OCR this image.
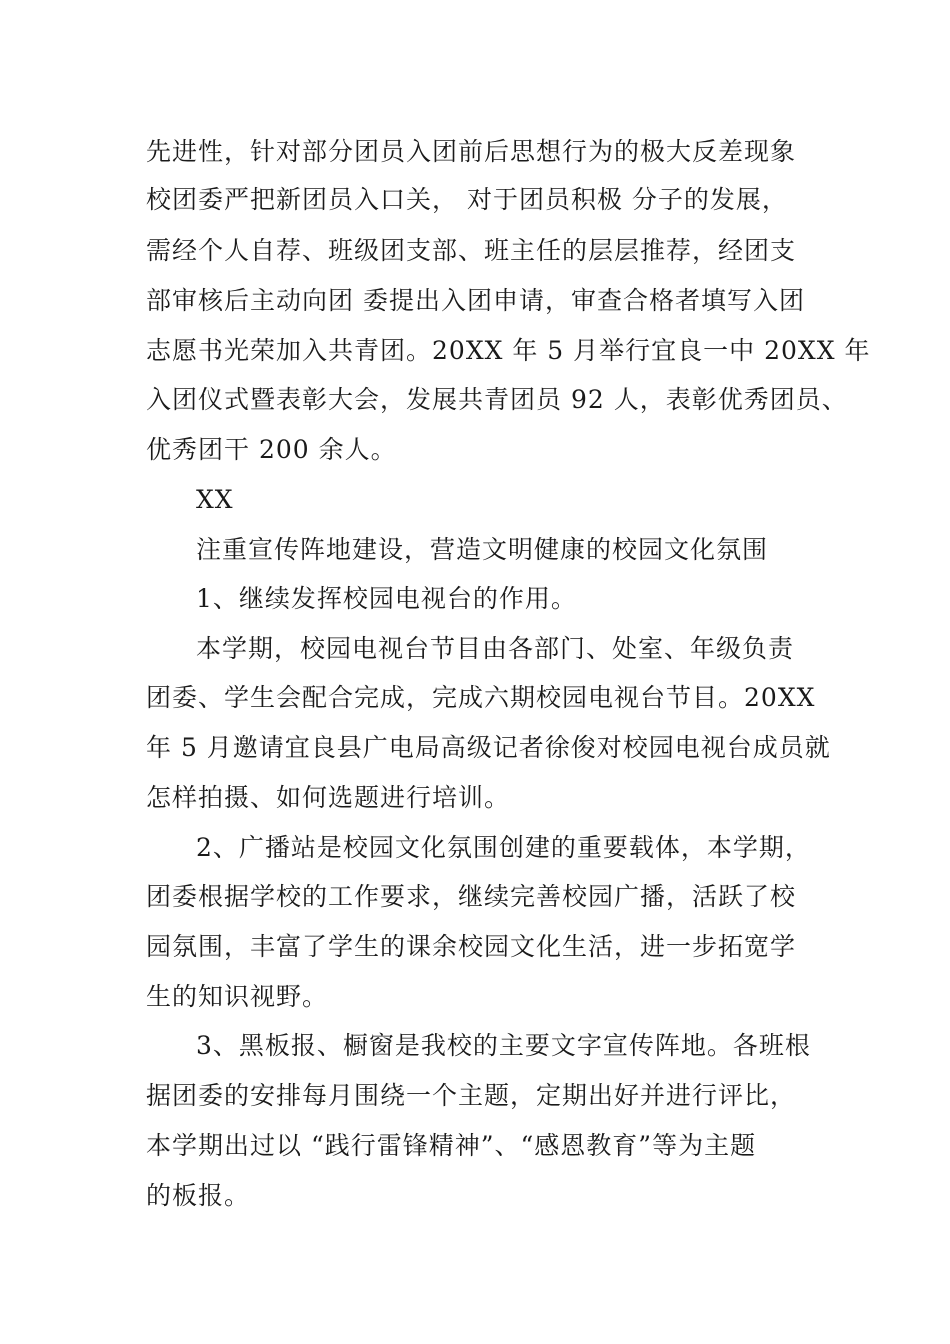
先进性，针对部分团员入团前后思想行为的极大反差现象
校团委严把新团员入口关， 对于团员积极 分子的发展，
需经个人自荐、班级团支部、班主任的层层推荐，经团支
部审核后主动向团 委提出入团申请，审查合格者填写入团
志愿书光荣加入共青团。20XX 年 5 月举行宜良一中 20XX 年
入团仪式暨表彰大会，发展共青团员 92 人，表彰优秀团员、
优秀团干 200 余人。
XX
注重宣传阵地建设，营造文明健康的校园文化氛围
1、继续发挥校园电视台的作用。
本学期，校园电视台节目由各部门、处室、年级负责
团委、学生会配合完成，完成六期校园电视台节目。20XX
年 5 月邀请宜良县广电局高级记者徐俊对校园电视台成员就
怎样拍摄、如何选题进行培训。
2、广播站是校园文化氛围创建的重要载体，本学期，
团委根据学校的工作要求，继续完善校园广播，活跃了校
园氛围，丰富了学生的课余校园文化生活，进一步拓宽学
生的知识视野。
3、黑板报、橱窗是我校的主要文字宣传阵地。各班根
据团委的安排每月围绕一个主题，定期出好并进行评比，
本学期出过以 “践行雷锋精神”、“感恩教育”等为主题
的板报。
